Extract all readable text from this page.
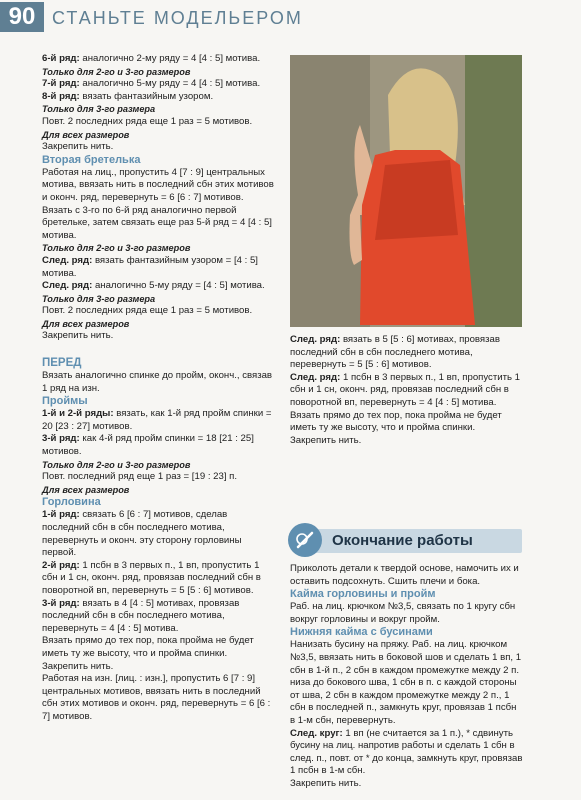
90 СТАНЬТЕ МОДЕЛЬЕРОМ

6-й ряд: аналогично 2-му ряду = 4 [4 : 5] мотива.

Только для 2-го и 3-го размеров

7-й ряд: аналогично 5-му ряду = 4 [4 : 5] мотива.

8-й ряд: вязать фантазийным узором.

Только для 3-го размера

Повт. 2 последних ряда еще 1 раз = 5 мотивов.

Для всех размеров

Закрепить нить.

Вторая бретелька

Работая на лиц., пропустить 4 [7 : 9] центральных мотива, ввязать нить в последний сбн этих мотивов и оконч. ряд, перевернуть = 6 [6 : 7] мотивов.

Вязать с 3-го по 6-й ряд аналогично первой бретельке, затем связать еще раз 5-й ряд = 4 [4 : 5] мотива.

Только для 2-го и 3-го размеров

След. ряд: вязать фантазийным узором = [4 : 5] мотива.

След. ряд: аналогично 5-му ряду = [4 : 5] мотива.

Только для 3-го размера

Повт. 2 последних ряда еще 1 раз = 5 мотивов.

Для всех размеров

Закрепить нить.

ПЕРЕД

Вязать аналогично спинке до пройм, оконч., связав 1 ряд на изн.

Проймы

1-й и 2-й ряды: вязать, как 1-й ряд пройм спинки = 20 [23 : 27] мотивов.

3-й ряд: как 4-й ряд пройм спинки = 18 [21 : 25] мотивов.

Только для 2-го и 3-го размеров

Повт. последний ряд еще 1 раз = [19 : 23] п.

Для всех размеров

Горловина

1-й ряд: связать 6 [6 : 7] мотивов, сделав последний сбн в сбн последнего мотива, перевернуть и оконч. эту сторону горловины первой.

2-й ряд: 1 псбн в 3 первых п., 1 вп, пропустить 1 сбн и 1 сн, оконч. ряд, провязав последний сбн в поворотной вп, перевернуть = 5 [5 : 6] мотивов.

3-й ряд: вязать в 4 [4 : 5] мотивах, провязав последний сбн в сбн последнего мотива, перевернуть = 4 [4 : 5] мотива.

Вязать прямо до тех пор, пока пройма не будет иметь ту же высоту, что и пройма спинки.

Закрепить нить.

Работая на изн. [лиц. : изн.], пропустить 6 [7 : 9] центральных мотивов, ввязать нить в последний сбн этих мотивов и оконч. ряд, перевернуть = 6 [6 : 7] мотивов.

След. ряд: вязать в 5 [5 : 6] мотивах, провязав последний сбн в сбн последнего мотива, перевернуть = 5 [5 : 6] мотивов.

След. ряд: 1 псбн в 3 первых п., 1 вп, пропустить 1 сбн и 1 сн, оконч. ряд, провязав последний сбн в поворотной вп, перевернуть = 4 [4 : 5] мотива.

Вязать прямо до тех пор, пока пройма не будет иметь ту же высоту, что и пройма спинки.

Закрепить нить.

Окончание работы

Приколоть детали к твердой основе, намочить их и оставить подсохнуть. Сшить плечи и бока.

Кайма горловины и пройм

Раб. на лиц. крючком №3,5, связать по 1 кругу сбн вокруг горловины и вокруг пройм.

Нижняя кайма с бусинами

Нанизать бусину на пряжу. Раб. на лиц. крючком №3,5, ввязать нить в боковой шов и сделать 1 вп, 1 сбн в 1-й п., 2 сбн в каждом промежутке между 2 п. низа до бокового шва, 1 сбн в п. с каждой стороны от шва, 2 сбн в каждом промежутке между 2 п., 1 сбн в последней п., замкнуть круг, провязав 1 псбн в 1-м сбн, перевернуть.

След. круг: 1 вп (не считается за 1 п.), * сдвинуть бусину на лиц. напротив работы и сделать 1 сбн в след. п., повт. от * до конца, замкнуть круг, провязав 1 псбн в 1-м сбн.

Закрепить нить.
